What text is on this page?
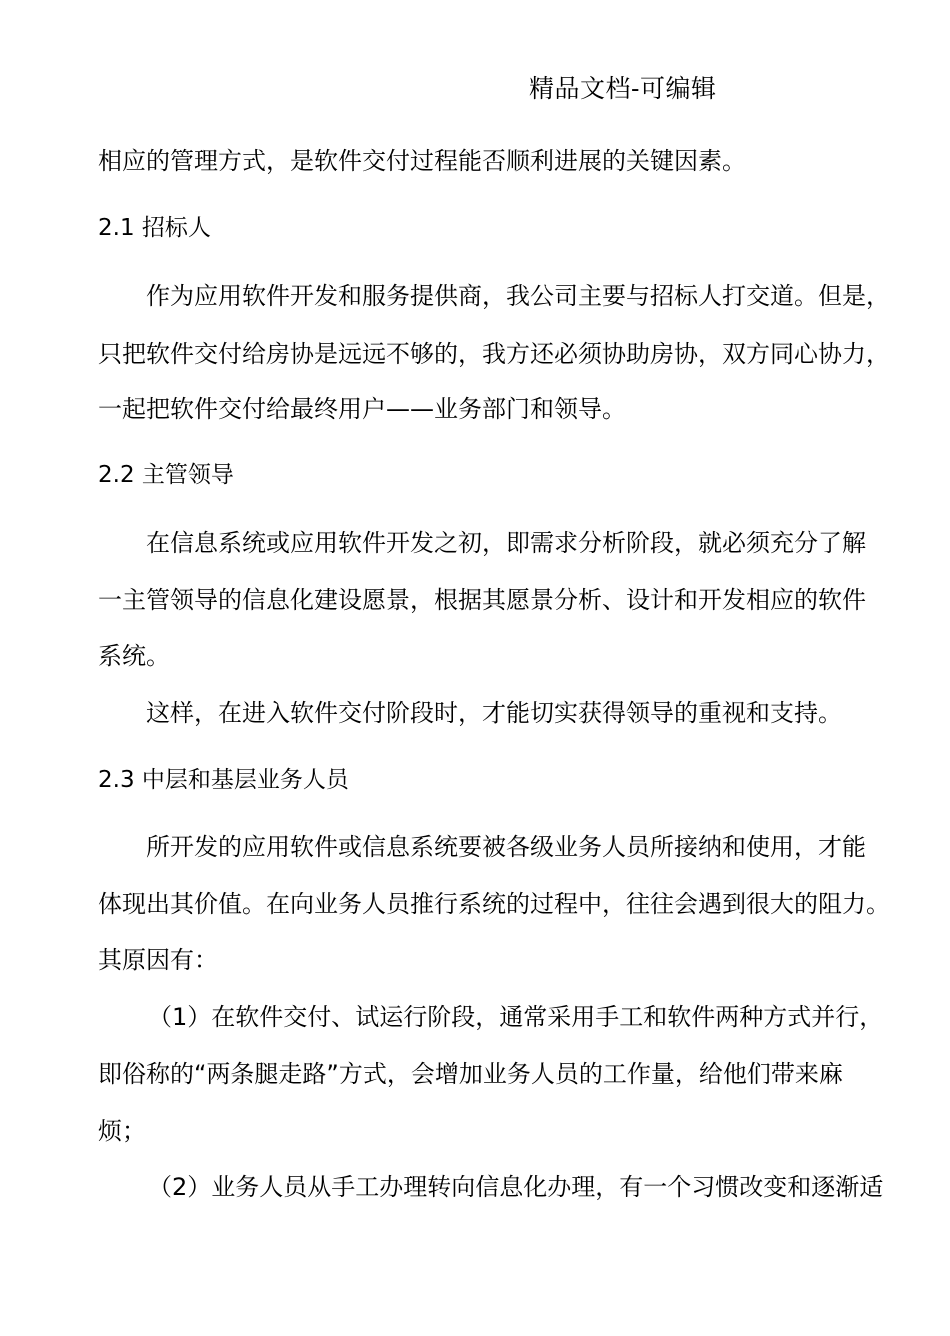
精品文档-可编辑
相应的管理方式，是软件交付过程能否顺利进展的关键因素。
2.1 招标人
作为应用软件开发和服务提供商，我公司主要与招标人打交道。但是，
只把软件交付给房协是远远不够的，我方还必须协助房协，双方同心协力，
一起把软件交付给最终用户——业务部门和领导。
2.2 主管领导
在信息系统或应用软件开发之初，即需求分析阶段，就必须充分了解
一主管领导的信息化建设愿景，根据其愿景分析、设计和开发相应的软件
系统。
这样，在进入软件交付阶段时，才能切实获得领导的重视和支持。
2.3 中层和基层业务人员
所开发的应用软件或信息系统要被各级业务人员所接纳和使用，才能
体现出其价值。在向业务人员推行系统的过程中，往往会遇到很大的阻力。
其原因有：
（1）在软件交付、试运行阶段，通常采用手工和软件两种方式并行，
即俗称的“两条腿走路”方式，会增加业务人员的工作量，给他们带来麻
烦；
（2）业务人员从手工办理转向信息化办理，有一个习惯改变和逐渐适
